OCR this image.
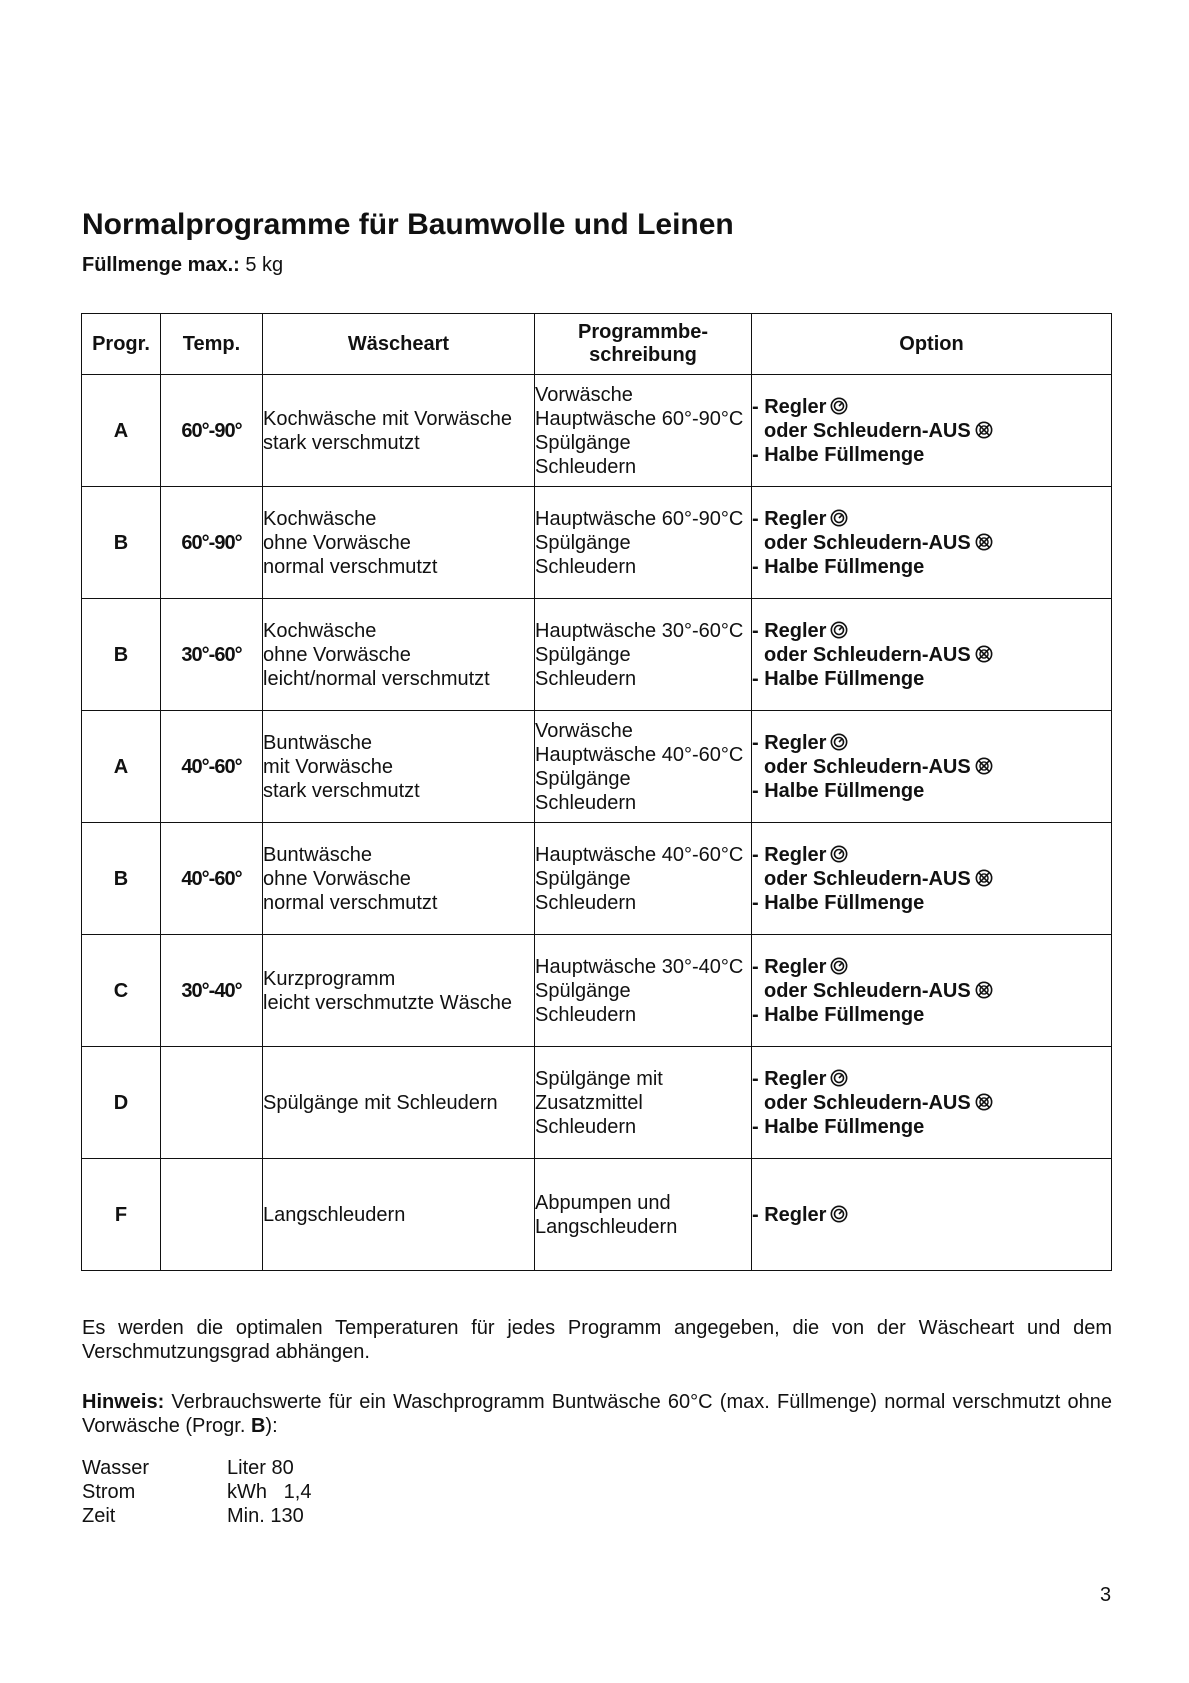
Normalprogramme für Baumwolle und Leinen
Füllmenge max.: 5 kg
Progr.	Temp.	Wäscheart	Programmbe-
schreibung	Option
A	60°-90°	Kochwäsche mit Vorwäsche
stark verschmutzt	Vorwäsche
Hauptwäsche 60°-90°C
Spülgänge
Schleudern	- Regler
oder Schleudern-AUS
- Halbe Füllmenge

B	60°-90°	Kochwäsche
ohne Vorwäsche
normal verschmutzt	Hauptwäsche 60°-90°C
Spülgänge
Schleudern	- Regler
oder Schleudern-AUS
- Halbe Füllmenge

B	30°-60°	Kochwäsche
ohne Vorwäsche
leicht/normal verschmutzt	Hauptwäsche 30°-60°C
Spülgänge
Schleudern	- Regler
oder Schleudern-AUS
- Halbe Füllmenge

A	40°-60°	Buntwäsche
mit Vorwäsche
stark verschmutzt	Vorwäsche
Hauptwäsche 40°-60°C
Spülgänge
Schleudern	- Regler
oder Schleudern-AUS
- Halbe Füllmenge

B	40°-60°	Buntwäsche
ohne Vorwäsche
normal verschmutzt	Hauptwäsche 40°-60°C
Spülgänge
Schleudern	- Regler
oder Schleudern-AUS
- Halbe Füllmenge

C	30°-40°	Kurzprogramm
leicht verschmutzte Wäsche	Hauptwäsche 30°-40°C
Spülgänge
Schleudern	- Regler
oder Schleudern-AUS
- Halbe Füllmenge

D		Spülgänge mit Schleudern	Spülgänge mit
Zusatzmittel
Schleudern	- Regler
oder Schleudern-AUS
- Halbe Füllmenge

F		Langschleudern	Abpumpen und
Langschleudern	- Regler
Es werden die optimalen Temperaturen für jedes Programm angegeben, die von der Wäscheart und dem Verschmutzungsgrad abhängen.
Hinweis: Verbrauchswerte für ein Waschprogramm Buntwäsche 60°C (max. Füllmenge) normal verschmutzt ohne Vorwäsche (Progr. B):
Wasser	Liter 80
Strom	kWh   1,4
Zeit	Min. 130
3
